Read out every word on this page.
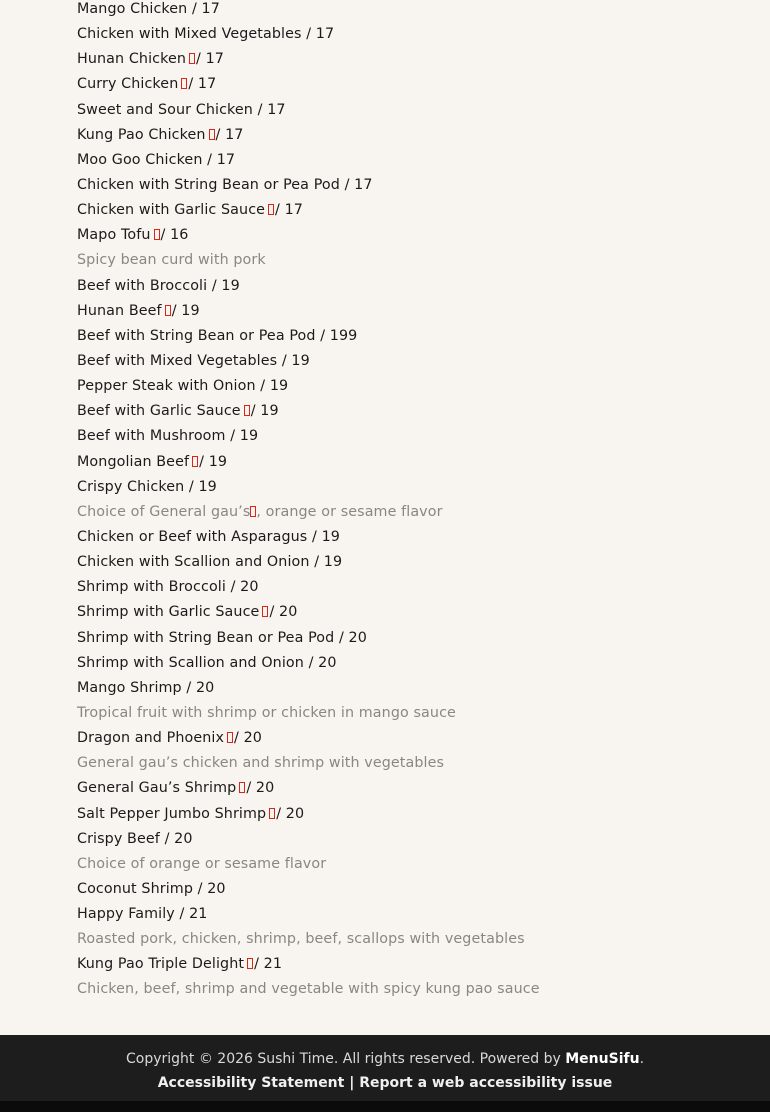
Mango Chicken / 17
Chicken with Mixed Vegetables / 17
Hunan Chicken / 17
Curry Chicken / 17
Sweet and Sour Chicken / 17
Kung Pao Chicken / 17
Moo Goo Chicken / 17
Chicken with String Bean or Pea Pod / 17
Chicken with Garlic Sauce / 17
Mapo Tofu / 16
Spicy bean curd with pork
Beef with Broccoli / 19
Hunan Beef / 19
Beef with String Bean or Pea Pod / 199
Beef with Mixed Vegetables / 19
Pepper Steak with Onion / 19
Beef with Garlic Sauce / 19
Beef with Mushroom / 19
Mongolian Beef / 19
Crispy Chicken / 19
Choice of General gau’s , orange or sesame flavor
Chicken or Beef with Asparagus / 19
Chicken with Scallion and Onion / 19
Shrimp with Broccoli / 20
Shrimp with Garlic Sauce / 20
Shrimp with String Bean or Pea Pod / 20
Shrimp with Scallion and Onion / 20
Mango Shrimp / 20
Tropical fruit with shrimp or chicken in mango sauce
Dragon and Phoenix / 20
General gau’s chicken and shrimp with vegetables
General Gau’s Shrimp / 20
Salt Pepper Jumbo Shrimp / 20
Crispy Beef / 20
Choice of orange or sesame flavor
Coconut Shrimp / 20
Happy Family / 21
Roasted pork, chicken, shrimp, beef, scallops with vegetables
Kung Pao Triple Delight / 21
Chicken, beef, shrimp and vegetable with spicy kung pao sauce
Copyright © 2026 Sushi Time. All rights reserved. Powered by MenuSifu.
Accessibility Statement | Report a web accessibility issue
